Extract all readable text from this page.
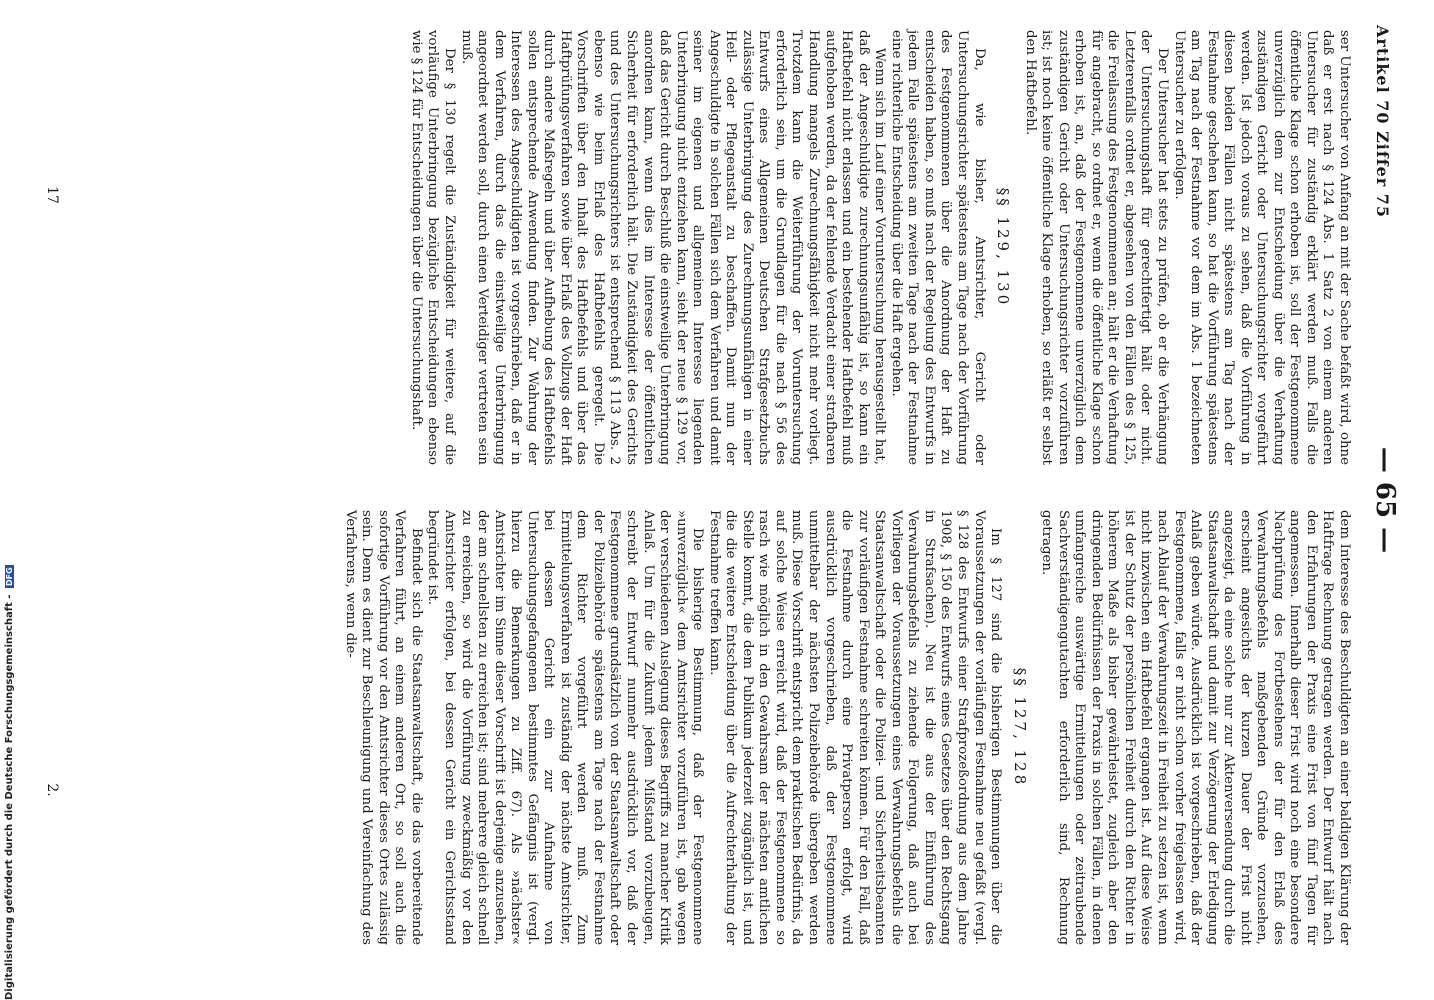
Artikel 70 Ziffer 75
— 65 —

ser Untersucher von Anfang an mit der Sache befaßt wird, ohne daß er erst nach § 124 Abs. 1 Satz 2 von einem anderen Untersucher für zuständig erklärt werden muß. Falls die öffentliche Klage schon erhoben ist, soll der Festgenommene unverzüglich dem zur Entscheidung über die Verhaftung zuständigen Gericht oder Untersuchungsrichter vorgeführt werden. Ist jedoch voraus zu sehen, daß die Vorführung in diesen beiden Fällen nicht spätestens am Tag nach der Festnahme geschehen kann, so hat die Vorführung spätestens am Tag nach der Festnahme vor dem im Abs. 1 bezeichneten Untersucher zu erfolgen.

Der Untersucher hat stets zu prüfen, ob er die Verhängung der Untersuchungshaft für gerechtfertigt hält oder nicht. Letzterenfalls ordnet er, abgesehen von den Fällen des § 125, die Freilassung des Festgenommenen an; hält er die Verhaftung für angebracht, so ordnet er, wenn die öffentliche Klage schon erhoben ist, an, daß der Festgenommene unverzüglich dem zuständigen Gericht oder Untersuchungsrichter vorzuführen ist; ist noch keine öffentliche Klage erhoben, so erläßt er selbst den Haftbefehl.

§§ 129, 130

Da, wie bisher, Amtsrichter, Gericht oder Untersuchungsrichter spätestens am Tage nach der Vorführung des Festgenommenen über die Anordnung der Haft zu entscheiden haben, so muß nach der Regelung des Entwurfs in jedem Falle spätestens am zweiten Tage nach der Festnahme eine richterliche Entscheidung über die Haft ergehen.

Wenn sich im Lauf einer Voruntersuchung herausgestellt hat, daß der Angeschuldigte zurechnungsunfähig ist, so kann ein Haftbefehl nicht erlassen und ein bestehender Haftbefehl muß aufgehoben werden, da der fehlende Verdacht einer strafbaren Handlung mangels Zurechnungsfähigkeit nicht mehr vorliegt. Trotzdem kann die Weiterführung der Voruntersuchung erforderlich sein, um die Grundlagen für die nach § 56 des Entwurfs eines Allgemeinen Deutschen Strafgesetzbuchs zulässige Unterbringung des Zurechnungsunfähigen in einer Heil- oder Pflegeanstalt zu beschaffen. Damit nun der Angeschuldigte in solchen Fällen sich dem Verfahren und damit seiner im eigenen und allgemeinen Interesse liegenden Unterbringung nicht entziehen kann, sieht der neue § 129 vor, daß das Gericht durch Beschluß die einstweilige Unterbringung anordnen kann, wenn dies im Interesse der öffentlichen Sicherheit für erforderlich hält. Die Zuständigkeit des Gerichts und des Untersuchungsrichters ist entsprechend § 113 Abs. 2 ebenso wie beim Erlaß des Haftbefehls geregelt. Die Vorschriften über den Inhalt des Haftbefehls und über das Haftprüfungsverfahren sowie über Erlaß des Vollzugs der Haft durch andere Maßregeln und über Aufhebung des Haftbefehls sollen entsprechende Anwendung finden. Zur Wahrung der Interessen des Angeschuldigten ist vorgeschrieben, daß er in dem Verfahren, durch das die einstweilige Unterbringung angeordnet werden soll, durch einen Verteidiger vertreten sein muß.

Der § 130 regelt die Zuständigkeit für weitere, auf die vorläufige Unterbringung bezügliche Entscheidungen ebenso wie § 124 für Entscheidungen über die Untersuchungshaft.

dem Interesse des Beschuldigten an einer baldigen Klärung der Haftfrage Rechnung getragen werden. Der Entwurf hält nach den Erfahrungen der Praxis eine Frist von fünf Tagen für angemessen. Innerhalb dieser Frist wird noch eine besondere Nachprüfung des Fortbestehens der für den Erlaß des Verwahrungsbefehls maßgebenden Gründe vorzusehen, erscheint angesichts der kurzen Dauer der Frist nicht angezeigt, da eine solche nur zur Aktenversendung durch die Staatsanwaltschaft und damit zur Verzögerung der Erledigung Anlaß geben würde. Ausdrücklich ist vorgeschrieben, daß der Festgenommene, falls er nicht schon vorher freigelassen wird, nach Ablauf der Verwahrungszeit in Freiheit zu setzen ist, wenn nicht inzwischen ein Haftbefehl ergangen ist. Auf diese Weise ist der Schutz der persönlichen Freiheit durch den Richter in höherem Maße als bisher gewährleistet, zugleich aber den dringenden Bedürfnissen der Praxis in solchen Fällen, in denen umfangreiche auswärtige Ermittelungen oder zeitraubende Sachverständigengutachten erforderlich sind, Rechnung getragen.

§§ 127, 128

Im § 127 sind die bisherigen Bestimmungen über die Voraussetzungen der vorläufigen Festnahme neu gefaßt (vergl. § 128 des Entwurfs einer Strafprozeßordnung aus dem Jahre 1908, § 150 des Entwurfs eines Gesetzes über den Rechtsgang in Strafsachen). Neu ist die aus der Einführung des Verwahrungsbefehls zu ziehende Folgerung, daß auch bei Vorliegen der Voraussetzungen eines Verwahrungsbefehls die Staatsanwaltschaft oder die Polizei- und Sicherheitsbeamten zur vorläufigen Festnahme schreiten können. Für den Fall, daß die Festnahme durch eine Privatperson erfolgt, wird ausdrücklich vorgeschrieben, daß der Festgenommene unmittelbar der nächsten Polizeibehörde übergeben werden muß. Diese Vorschrift entspricht dem praktischen Bedürfnis, da auf solche Weise erreicht wird, daß der Festgenommene so rasch wie möglich in den Gewahrsam der nächsten amtlichen Stelle kommt, die dem Publikum jederzeit zugänglich ist, und die die weitere Entscheidung über die Aufrechterhaltung der Festnahme treffen kann.

Die bisherige Bestimmung, daß der Festgenommene »unverzüglich« dem Amtsrichter vorzuführen ist, gab wegen der verschiedenen Auslegung dieses Begriffs zu mancher Kritik Anlaß. Um für die Zukunft jedem Mißstand vorzubeugen, schreibt der Entwurf nunmehr ausdrücklich vor, daß der Festgenommene grundsätzlich von der Staatsanwaltschaft oder der Polizeibehörde spätestens am Tage nach der Festnahme dem Richter vorgeführt werden muß. Zum Ermittelungsverfahren ist zuständig der nächste Amtsrichter, bei dessen Gericht ein zur Aufnahme von Untersuchungsgefangenen bestimmtes Gefängnis ist (vergl. hierzu die Bemerkungen zu Ziff. 67). Als »nächster« Amtsrichter im Sinne dieser Vorschrift ist derjenige anzusehen, der am schnellsten zu erreichen ist; sind mehrere gleich schnell zu erreichen, so wird die Vorführung zweckmäßig vor den Amtsrichter erfolgen, bei dessen Gericht ein Gerichtsstand begründet ist.

Befindet sich die Staatsanwaltschaft, die das vorbereitende Verfahren führt, an einem anderen Ort, so soll auch die sofortige Vorführung vor den Amtsrichter dieses Ortes zulässig sein. Denn es dient zur Beschleunigung und Vereinfachung des Verfahrens, wenn die-

17
2.
Digitalisierung gefördert durch die Deutsche Forschungsgemeinschaft - DFG
